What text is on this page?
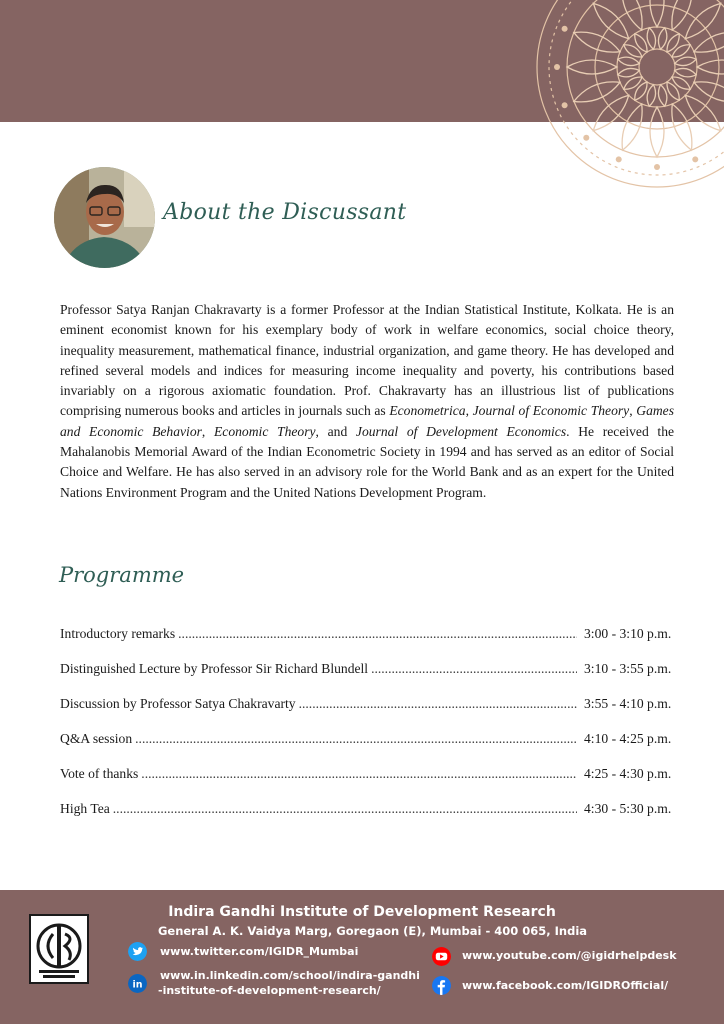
About the Discussant

Professor Satya Ranjan Chakravarty is a former Professor at the Indian Statistical Institute, Kolkata. He is an eminent economist known for his exemplary body of work in welfare economics, social choice theory, inequality measurement, mathematical finance, industrial organization, and game theory. He has developed and refined several models and indices for measuring income inequality and poverty, his contributions based invariably on a rigorous axiomatic foundation. Prof. Chakravarty has an illustrious list of publications comprising numerous books and articles in journals such as Econometrica, Journal of Economic Theory, Games and Economic Behavior, Economic Theory, and Journal of Development Economics. He received the Mahalanobis Memorial Award of the Indian Econometric Society in 1994 and has served as an editor of Social Choice and Welfare. He has also served in an advisory role for the World Bank and as an expert for the United Nations Environment Program and the United Nations Development Program.

Programme
Introductory remarks .....	3:00 - 3:10 p.m.
Distinguished Lecture by Professor Sir Richard Blundell .....	3:10 - 3:55 p.m.
Discussion by Professor Satya Chakravarty .....	3:55 - 4:10 p.m.
Q&A session .....	4:10 - 4:25 p.m.
Vote of thanks .....	4:25 - 4:30 p.m.
High Tea .....	4:30 - 5:30 p.m.
Indira Gandhi Institute of Development Research
General A. K. Vaidya Marg, Goregaon (E), Mumbai - 400 065, India
www.twitter.com/IGIDR_Mumbai
in
www.in.linkedin.com/school/indira-gandhi
-institute-of-development-research/
www.youtube.com/@igidrhelpdesk
www.facebook.com/IGIDROfficial/
